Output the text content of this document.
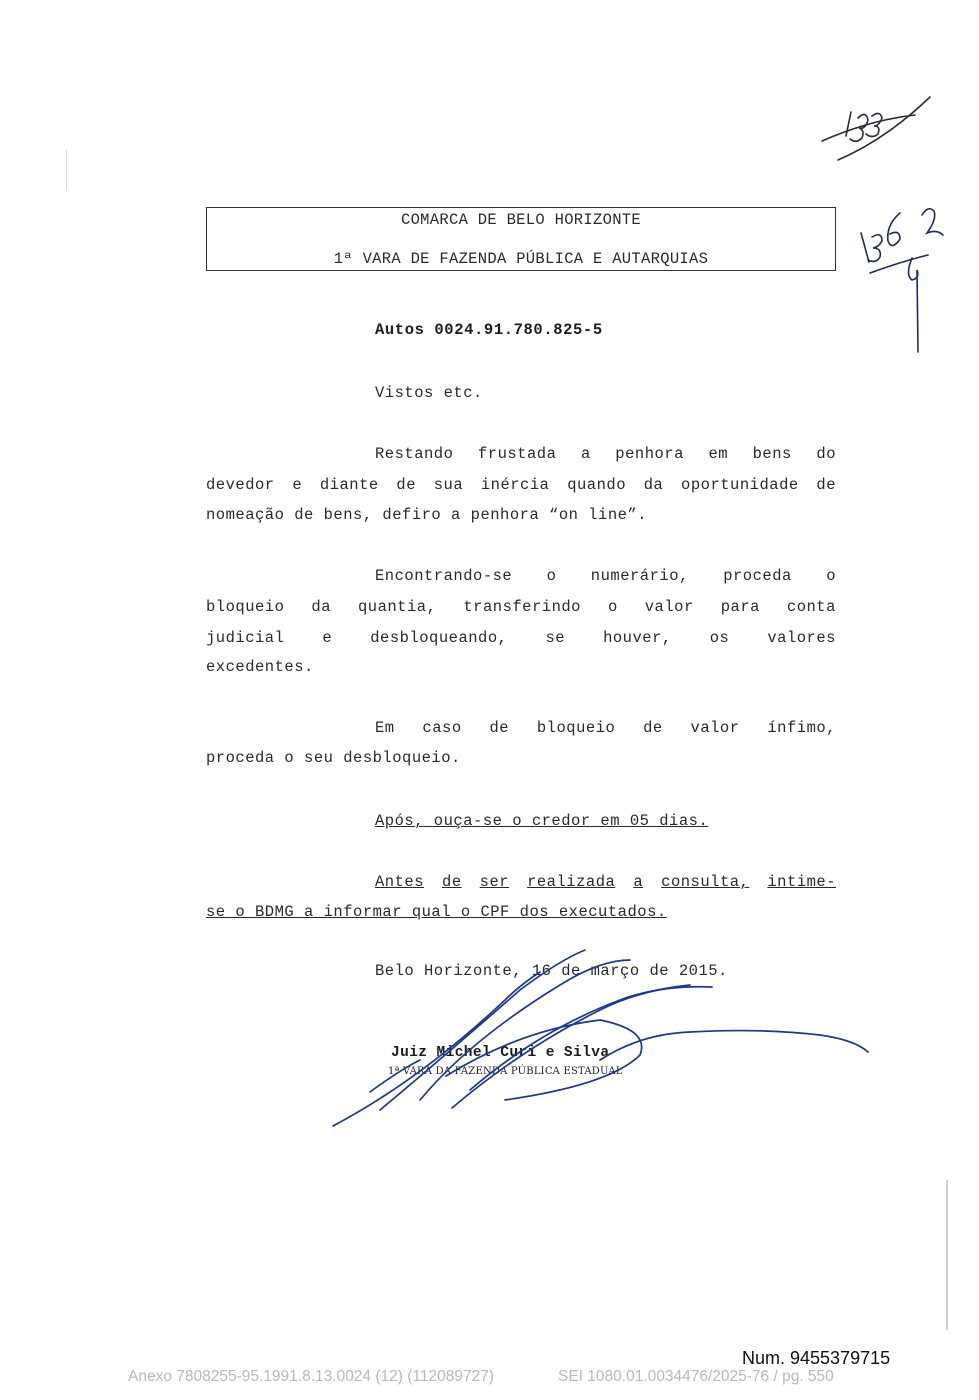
COMARCA DE BELO HORIZONTE
1ª VARA DE FAZENDA PÚBLICA E AUTARQUIAS
Autos 0024.91.780.825-5
Vistos etc.
Restando frustada a penhora em bens do
devedor e diante de sua inércia quando da oportunidade de
nomeação de bens, defiro a penhora “on line”.
Encontrando-se o numerário, proceda o
bloqueio da quantia, transferindo o valor para conta
judicial e desbloqueando, se houver, os valores
excedentes.
Em caso de bloqueio de valor ínfimo,
proceda o seu desbloqueio.
Após, ouça-se o credor em 05 dias.
Antes de ser realizada a consulta, intime-
se o BDMG a informar qual o CPF dos executados.
Belo Horizonte, 16 de março de 2015.
Juiz Michel Curi e Silva
1ª VARA DA FAZENDA PÚBLICA ESTADUAL
Num. 9455379715
Anexo 7808255-95.1991.8.13.0024 (12) (112089727)	SEI 1080.01.0034476/2025-76 / pg. 550
